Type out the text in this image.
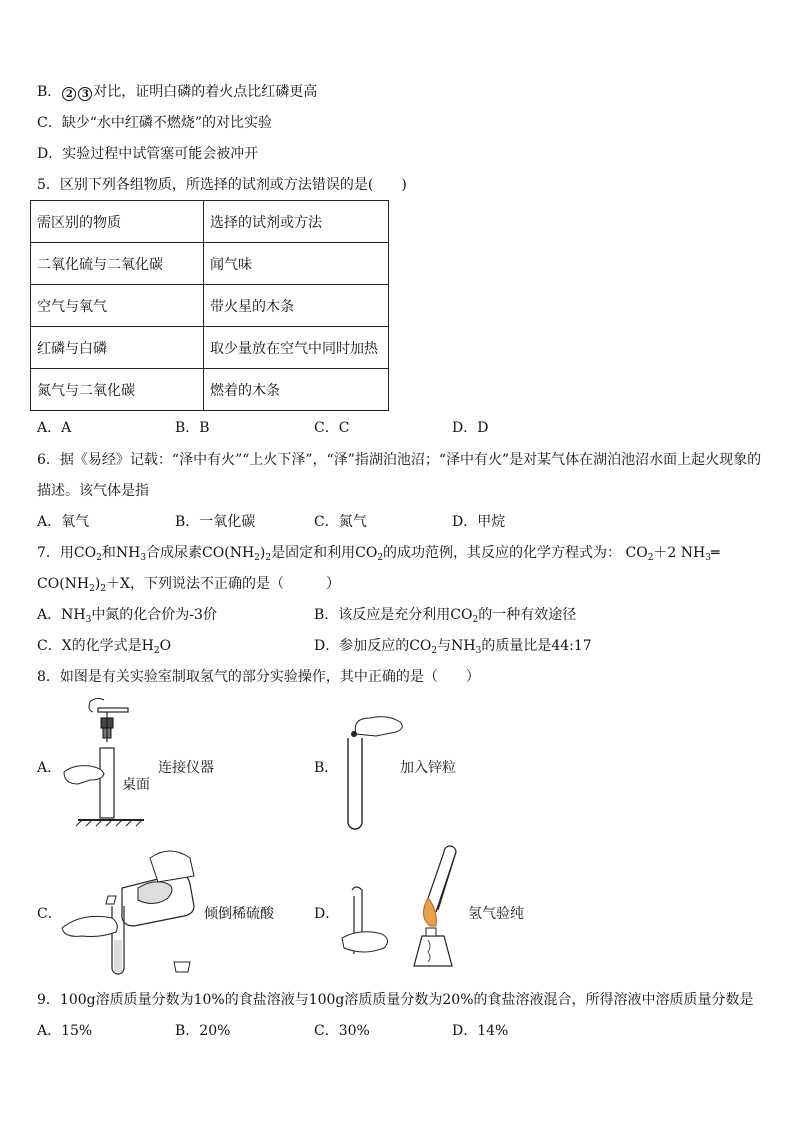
B． 2 3 对比，证明白磷的着火点比红磷更高
C．缺少“水中红磷不燃烧”的对比实验
D．实验过程中试管塞可能会被冲开
5．区别下列各组物质，所选择的试剂或方法错误的是(　　)
需区别的物质	选择的试剂或方法
二氧化硫与二氧化碳	闻气味
空气与氧气	带火星的木条
红磷与白磷	取少量放在空气中同时加热
氮气与二氧化碳	燃着的木条
A．A	B．B	C．C	D．D
6．据《易经》记载：“泽中有火”“上火下泽”，“泽”指湖泊池沼；“泽中有火”是对某气体在湖泊池沼水面上起火现象的
描述。该气体是指
A．氧气	B．一氧化碳	C．氮气	D．甲烷
7．用$CO_2$和$NH_3$合成尿素$CO(NH_2)_2$是固定和利用$CO_2$的成功范例，其反应的化学方程式为： $CO_2+2$ $NH_3═$
$CO(NH_2)_2+X$，下列说法不正确的是（　　　）
A．$NH_3$中氮的化合价为-3价	B．该反应是充分利用$CO_2$的一种有效途径
C．X的化学式是$H_2O$	D．参加反应的$CO_2$与$NH_3$的质量比是44:17
8．如图是有关实验室制取氢气的部分实验操作，其中正确的是（　　）
A．	连接仪器
桌面
B．	加入锌粒
C．	倾倒稀硫酸	D．	氢气验纯
9．100g溶质质量分数为10%的食盐溶液与100g溶质质量分数为20%的食盐溶液混合，所得溶液中溶质质量分数是
A．15%	B．20%	C．30%	D．14%
